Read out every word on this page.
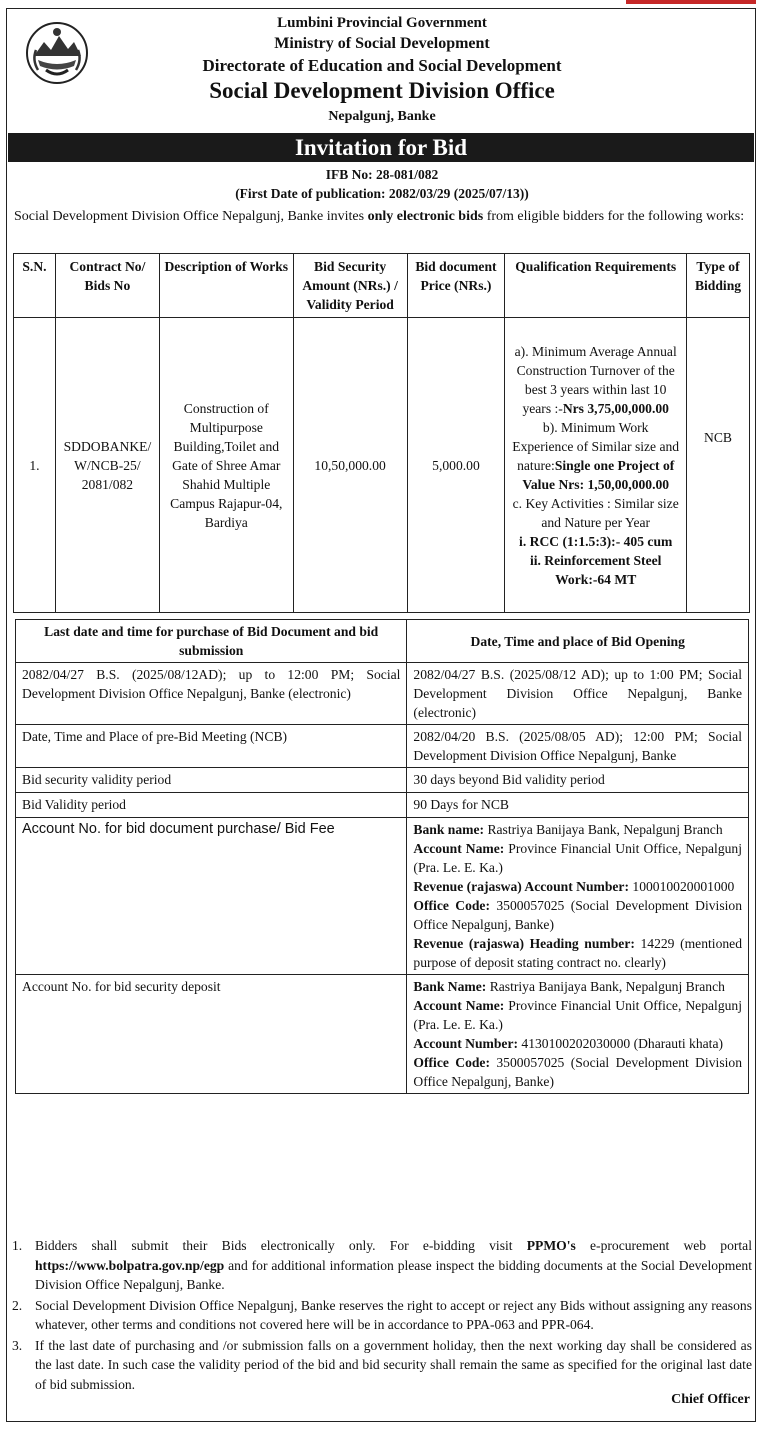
Lumbini Provincial Government
Ministry of Social Development
Directorate of Education and Social Development
Social Development Division Office
Nepalgunj, Banke
Invitation for Bid
IFB No: 28-081/082
(First Date of publication: 2082/03/29 (2025/07/13))
Social Development Division Office Nepalgunj, Banke invites only electronic bids from eligible bidders for the following works:
S.N.	Contract No/ Bids No	Description of Works	Bid Security Amount (NRs.) / Validity Period	Bid document Price (NRs.)	Qualification Requirements	Type of Bidding
1.	SDDOBANKE/ W/NCB-25/ 2081/082	Construction of Multipurpose Building,Toilet and Gate of Shree Amar Shahid Multiple Campus Rajapur-04, Bardiya	10,50,000.00	5,000.00	a). Minimum Average Annual Construction Turnover of the best 3 years within last 10 years :-Nrs 3,75,00,000.00
b). Minimum Work Experience of Similar size and nature:Single one Project of Value Nrs: 1,50,00,000.00
c. Key Activities : Similar size and Nature per Year
i. RCC (1:1.5:3):- 405 cum
ii. Reinforcement Steel Work:-64 MT	NCB
Last date and time for purchase of Bid Document and bid submission	Date, Time and place of Bid Opening
2082/04/27 B.S. (2025/08/12AD); up to 12:00 PM; Social Development Division Office Nepalgunj, Banke (electronic)	2082/04/27 B.S. (2025/08/12 AD); up to 1:00 PM; Social Development Division Office Nepalgunj, Banke (electronic)
Date, Time and Place of pre-Bid Meeting (NCB)	2082/04/20 B.S. (2025/08/05 AD); 12:00 PM; Social Development Division Office Nepalgunj, Banke
Bid security validity period	30 days beyond Bid validity period
Bid Validity period	90 Days for NCB
Account No. for bid document purchase/ Bid Fee	Bank name: Rastriya Banijaya Bank, Nepalgunj Branch
Account Name: Province Financial Unit Office, Nepalgunj (Pra. Le. E. Ka.)
Revenue (rajaswa) Account Number: 100010020001000
Office Code: 3500057025 (Social Development Division Office Nepalgunj, Banke)
Revenue (rajaswa) Heading number: 14229 (mentioned purpose of deposit stating contract no. clearly)
Account No. for bid security deposit	Bank Name: Rastriya Banijaya Bank, Nepalgunj Branch
Account Name: Province Financial Unit Office, Nepalgunj (Pra. Le. E. Ka.)
Account Number: 4130100202030000 (Dharauti khata)
Office Code: 3500057025 (Social Development Division Office Nepalgunj, Banke)
1. Bidders shall submit their Bids electronically only. For e-bidding visit PPMO's e-procurement web portal https://www.bolpatra.gov.np/egp and for additional information please inspect the bidding documents at the Social Development Division Office Nepalgunj, Banke.
2. Social Development Division Office Nepalgunj, Banke reserves the right to accept or reject any Bids without assigning any reasons whatever, other terms and conditions not covered here will be in accordance to PPA-063 and PPR-064.
3. If the last date of purchasing and /or submission falls on a government holiday, then the next working day shall be considered as the last date. In such case the validity period of the bid and bid security shall remain the same as specified for the original last date of bid submission.
Chief Officer
